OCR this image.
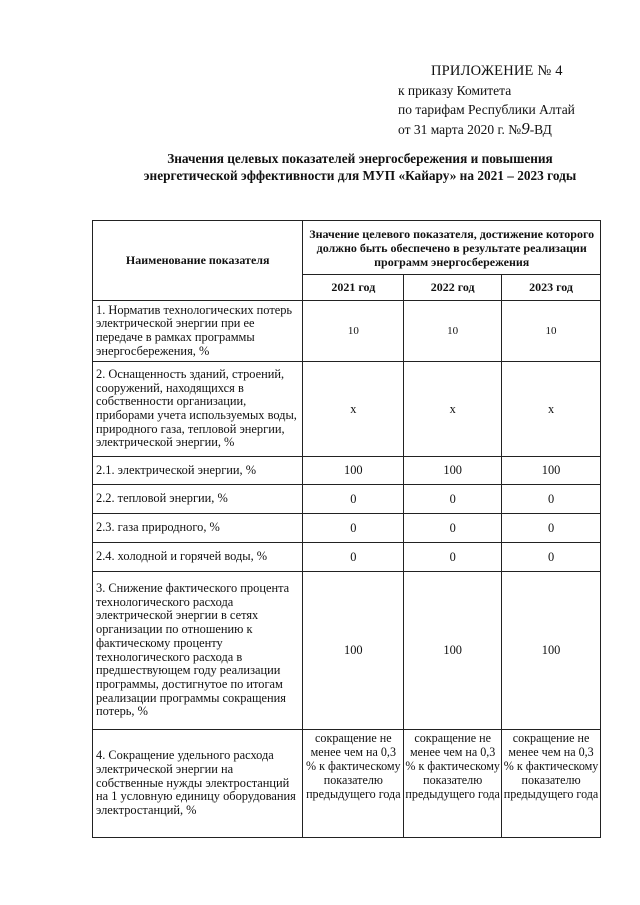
ПРИЛОЖЕНИЕ № 4
к приказу Комитета
по тарифам Республики Алтай
от 31 марта 2020 г. №9-ВД
Значения целевых показателей энергосбережения и повышения энергетической эффективности для МУП «Кайару» на 2021 – 2023 годы
Наименование показателя	Значение целевого показателя, достижение которого должно быть обеспечено в результате реализации программ энергосбережения		
	2021 год	2022 год	2023 год
1. Норматив технологических потерь электрической энергии при ее передаче в рамках программы энергосбережения, %	10	10	10
2. Оснащенность зданий, строений, сооружений, находящихся в собственности организации, приборами учета используемых воды, природного газа, тепловой энергии, электрической энергии, %	х	х	х
2.1. электрической энергии, %	100	100	100
2.2. тепловой энергии, %	0	0	0
2.3. газа природного, %	0	0	0
2.4. холодной и горячей воды, %	0	0	0
3. Снижение фактического процента технологического расхода электрической энергии в сетях организации по отношению к фактическому проценту технологического расхода в предшествующем году реализации программы, достигнутое по итогам реализации программы сокращения потерь, %	100	100	100
4. Сокращение удельного расхода электрической энергии на собственные нужды электростанций на 1 условную единицу оборудования электростанций, %	сокращение не менее чем на 0,3 % к фактическому показателю предыдущего года	сокращение не менее чем на 0,3 % к фактическому показателю предыдущего года	сокращение не менее чем на 0,3 % к фактическому показателю предыдущего года
